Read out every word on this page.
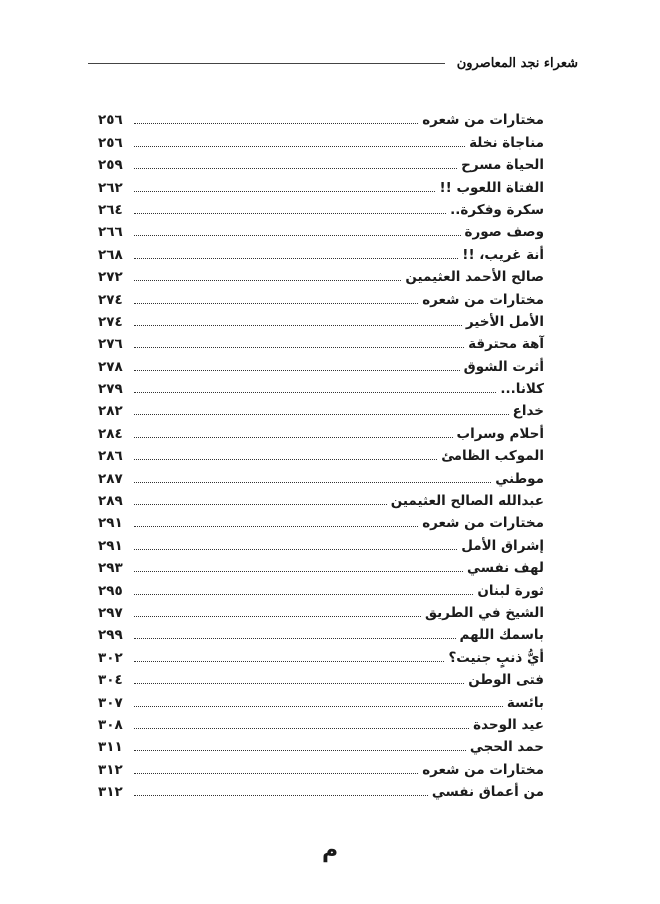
شعراء نجد المعاصرون
مختارات من شعره
٢٥٦
مناجاة نخلة
٢٥٦
الحياة مسرح
٢٥٩
الفتاة اللعوب !!
٢٦٢
سكرة وفكرة..
٢٦٤
وصف صورة
٢٦٦
أنة غريب، !!
٢٦٨
صالح الأحمد العثيمين
٢٧٢
مختارات من شعره
٢٧٤
الأمل الأخير
٢٧٤
آهة محترقة
٢٧٦
أثرت الشوق
٢٧٨
كلانا...
٢٧٩
خداع
٢٨٢
أحلام وسراب
٢٨٤
الموكب الظامئ
٢٨٦
موطني
٢٨٧
عبدالله الصالح العثيمين
٢٨٩
مختارات من شعره
٢٩١
إشراق الأمل
٢٩١
لهف نفسي
٢٩٣
ثورة لبنان
٢٩٥
الشيخ في الطريق
٢٩٧
باسمك اللهم
٢٩٩
أيُّ ذنبٍ جنيت؟
٣٠٢
فتى الوطن
٣٠٤
بائسة
٣٠٧
عيد الوحدة
٣٠٨
حمد الحجي
٣١١
مختارات من شعره
٣١٢
من أعماق نفسي
٣١٢
م
